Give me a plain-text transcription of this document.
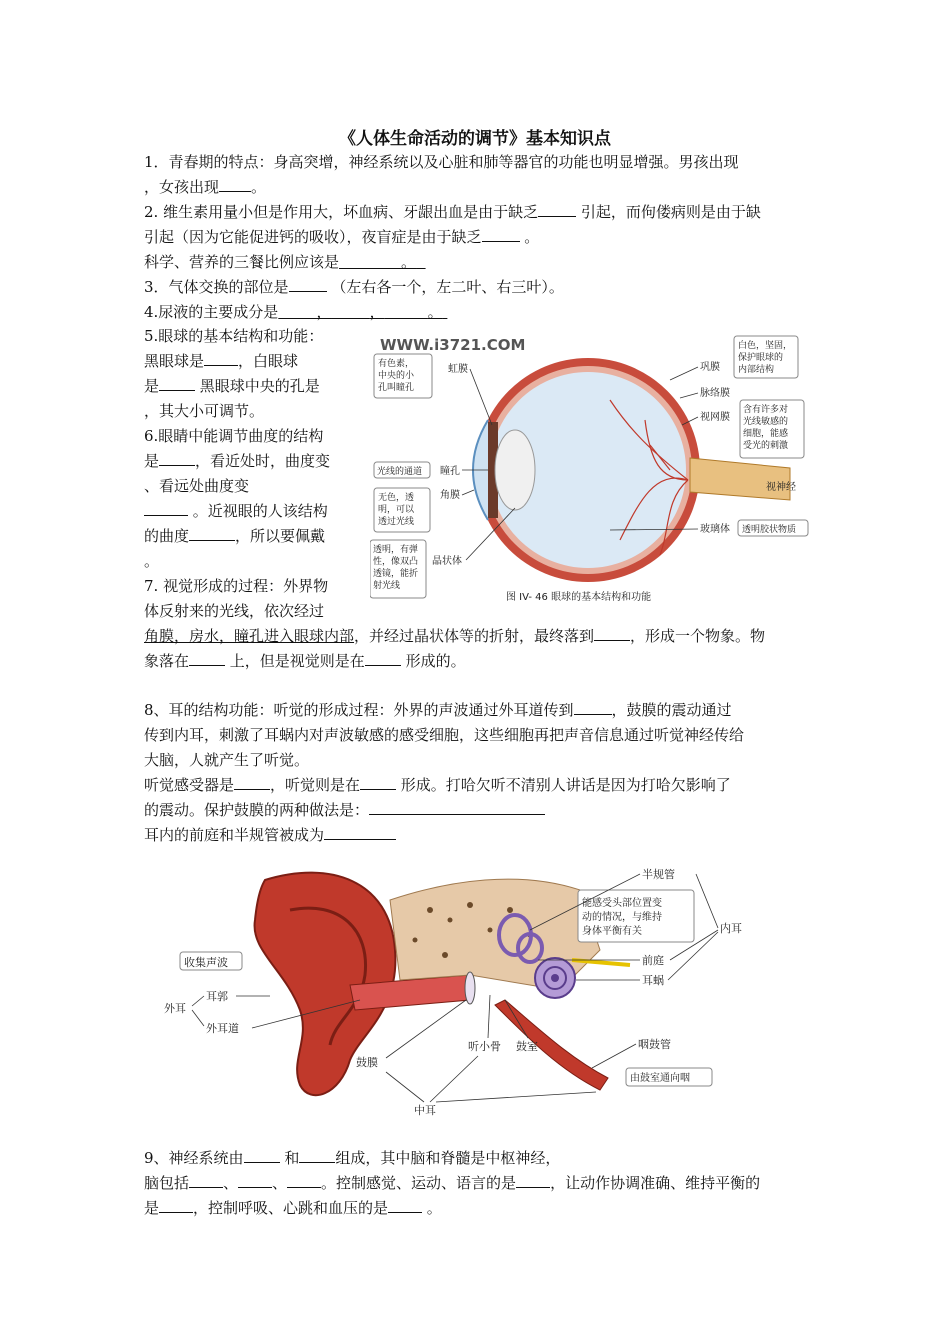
《人体生命活动的调节》基本知识点
1．青春期的特点：身高突增，神经系统以及心脏和肺等器官的功能也明显增强。男孩出现
，女孩出现 。
2. 维生素用量小但是作用大，坏血病、牙龈出血是由于缺乏	引起，而佝偻病则是由于缺
引起（因为它能促进钙的吸收），夜盲症是由于缺乏	。
科学、营养的三餐比例应该是	。
3．气体交换的部位是	（左右各一个，左二叶、右三叶）。
4.尿液的主要成分是	，	，	。
5.眼球的基本结构和功能：
黑眼球是 ，白眼球
是	黑眼球中央的孔是
，其大小可调节。
6.眼睛中能调节曲度的结构
是 ，看近处时，曲度变
、看远处曲度变
。近视眼的人该结构
的曲度	，所以要佩戴
。
7. 视觉形成的过程：外界物
体反射来的光线，依次经过
角膜，房水，瞳孔进入眼球内部，并经过晶状体等的折射，最终落到 ，形成一个物象。物
象落在 上，但是视觉则是在 形成的。
WWW.i3721.COM
有色素，
中央的小
孔叫瞳孔
虹膜
光线的通道 瞳孔
无色，透
明，可以
透过光线
角膜
透明，有弹
性，像双凸
透镜，能折
射光线
晶状体
巩膜
白色，坚固，
保护眼球的
内部结构
脉络膜
视网膜
含有许多对
光线敏感的
细胞，能感
受光的刺激
视神经
玻璃体 透明胶状物质
图 IV- 46 眼球的基本结构和功能
8、耳的结构功能：听觉的形成过程：外界的声波通过外耳道传到	，鼓膜的震动通过
传到内耳，刺激了耳蜗内对声波敏感的感受细胞，这些细胞再把声音信息通过听觉神经传给
大脑，人就产生了听觉。
听觉感受器是 ，听觉则是在 形成。打哈欠听不清别人讲话是因为打哈欠影响了
的震动。保护鼓膜的两种做法是：
耳内的前庭和半规管被成为
收集声波
外耳
耳郭
外耳道
半规管
能感受头部位置变
动的情况，与维持
身体平衡有关	内耳
前庭
耳蜗
听小骨 鼓室
鼓膜
咽鼓管
由鼓室通向咽
中耳
9、神经系统由 和 组成，其中脑和脊髓是中枢神经，
脑包括 、 、 。控制感觉、运动、语言的是 ，让动作协调准确、维持平衡的
是 ，控制呼吸、心跳和血压的是 。
